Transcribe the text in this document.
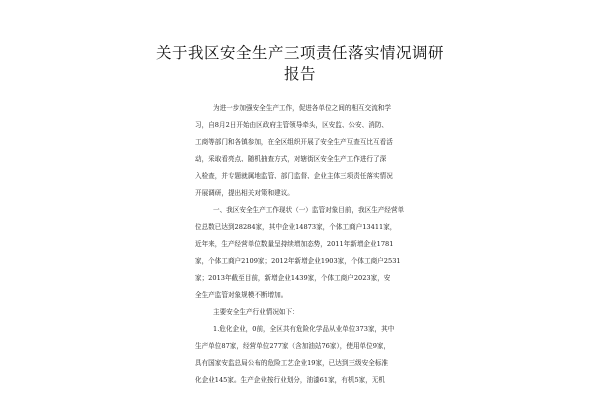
关于我区安全生产三项责任落实情况调研
报告
为进一步加强安全生产工作，促进各单位之间的相互交流和学
习，自8月2日开始由区政府主管领导牵头，区安监、公安、消防、
工商等部门和各镇参加，在全区组织开展了安全生产互查互比互看活
动，采取看亮点、随机抽查方式，对辖街区安全生产工作进行了深
入检查，并专题就属地监管、部门监督、企业主体三项责任落实情况
开展调研，提出相关对策和建议。
一、我区安全生产工作现状（一）监管对象目前，我区生产经营单
位总数已达到28284家，其中企业14873家，个体工商户13411家，
近年来，生产经营单位数量呈持续增加态势，2011年新增企业1781
家，个体工商户2109家；2012年新增企业1903家，个体工商户2531
家；2013年截至目前，新增企业1439家，个体工商户2023家，安
全生产监管对象规模不断增加。
主要安全生产行业情况如下：
1.危化企业，0前，全区共有危险化学品从业单位373家，其中
生产单位87家，经营单位277家（含加油站76家），使用单位9家，
具有国家安监总局公布的危险工艺企业19家，已达到三级安全标准
化企业145家。生产企业按行业划分，油漆61家，有机5家，无机
